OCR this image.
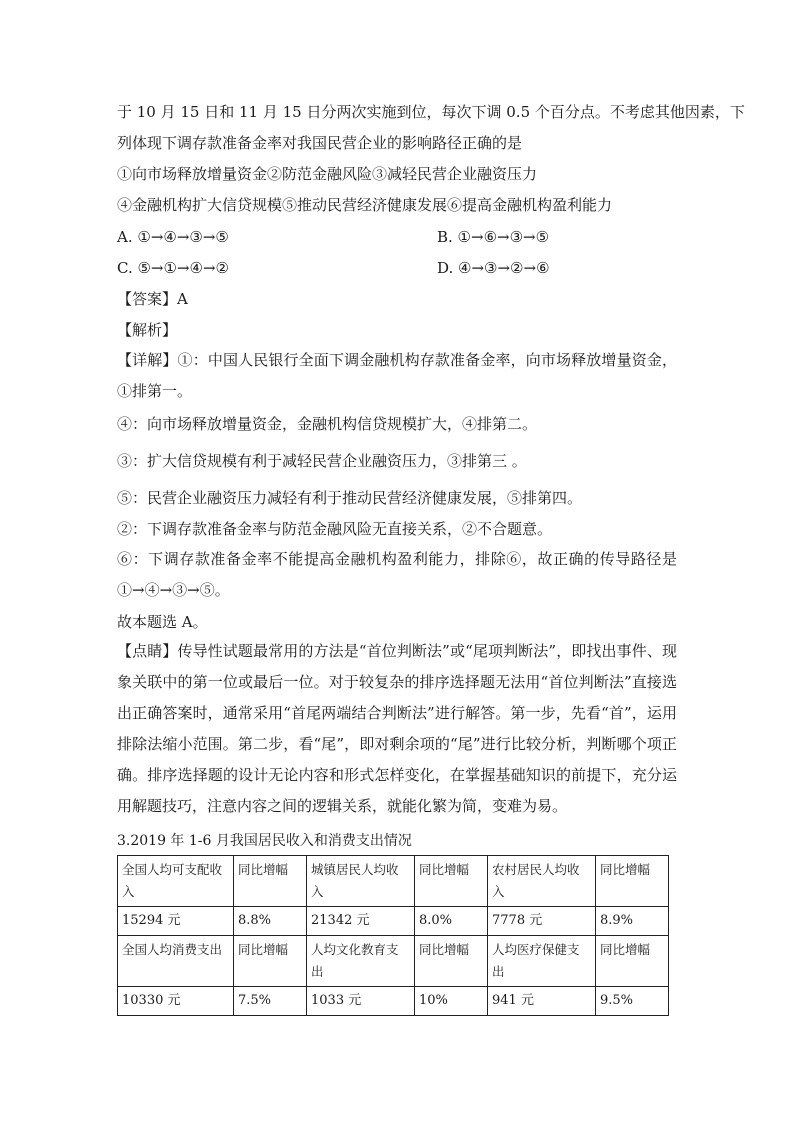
于 10 月 15 日和 11 月 15 日分两次实施到位，每次下调 0.5 个百分点。不考虑其他因素，下
列体现下调存款准备金率对我国民营企业的影响路径正确的是
①向市场释放增量资金②防范金融风险③减轻民营企业融资压力
④金融机构扩大信贷规模⑤推动民营经济健康发展⑥提高金融机构盈利能力
A. ①→④→③→⑤	B. ①→⑥→③→⑤
C. ⑤→①→④→②	D. ④→③→②→⑥
【答案】A
【解析】
【详解】①：中国人民银行全面下调金融机构存款准备金率，向市场释放增量资金，①排第一。
④：向市场释放增量资金，金融机构信贷规模扩大，④排第二。
③：扩大信贷规模有利于减轻民营企业融资压力，③排第三 。
⑤：民营企业融资压力减轻有利于推动民营经济健康发展，⑤排第四。
②：下调存款准备金率与防范金融风险无直接关系，②不合题意。
⑥：下调存款准备金率不能提高金融机构盈利能力，排除⑥，故正确的传导路径是①→④→③→⑤。
故本题选 A。
【点睛】传导性试题最常用的方法是“首位判断法”或“尾项判断法”，即找出事件、现象关联中的第一位或最后一位。对于较复杂的排序选择题无法用“首位判断法”直接选出正确答案时，通常采用“首尾两端结合判断法”进行解答。第一步，先看“首”，运用排除法缩小范围。第二步，看“尾”，即对剩余项的“尾”进行比较分析，判断哪个项正确。排序选择题的设计无论内容和形式怎样变化，在掌握基础知识的前提下，充分运用解题技巧，注意内容之间的逻辑关系，就能化繁为简，变难为易。
3.2019 年 1-6 月我国居民收入和消费支出情况
全国人均可支配收入	同比增幅	城镇居民人均收入	同比增幅	农村居民人均收入	同比增幅
15294 元	8.8%	21342 元	8.0%	7778 元	8.9%
全国人均消费支出	同比增幅	人均文化教育支出	同比增幅	人均医疗保健支出	同比增幅
10330 元	7.5%	1033 元	10%	941 元	9.5%
